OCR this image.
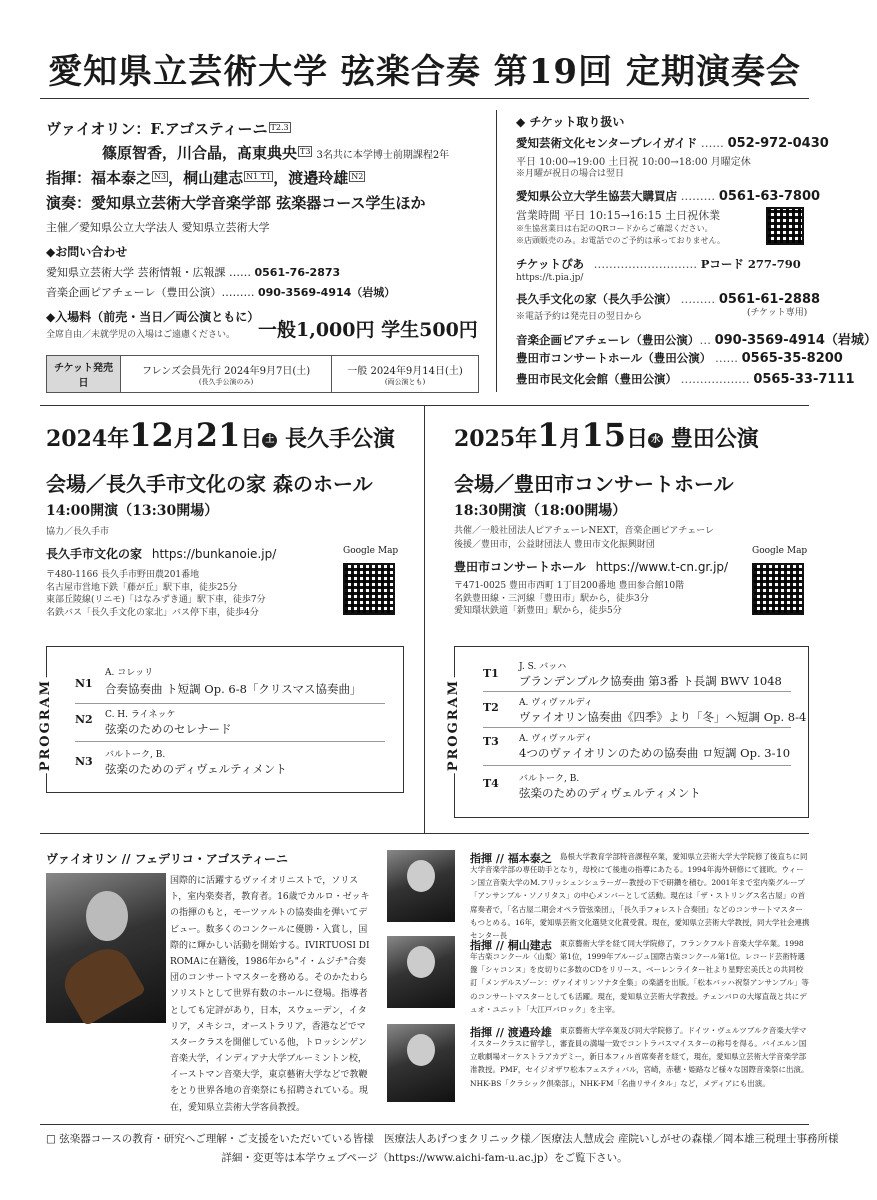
愛知県立芸術大学 弦楽合奏 第19回 定期演奏会
ヴァイオリン：F.アゴスティーニ $^{T2.3}$
篠原智香，川合晶，髙東典央 $^{T3}$ 3名共に本学博士前期課程2年
指揮：福本泰之 $^{N3}$ ，桐山建志 $^{N1 T1}$ ，渡邉玲雄 $^{N2}$
演奏：愛知県立芸術大学音楽学部 弦楽器コース学生ほか
主催／愛知県公立大学法人 愛知県立芸術大学
◆お問い合わせ
愛知県立芸術大学 芸術情報・広報課 …… 0561-76-2873
音楽企画ピアチェーレ（豊田公演）……… 090-3569-4914（岩城）
◆入場料（前売・当日／両公演ともに）
全席自由／未就学児の入場はご遠慮ください。 一般1,000円 学生500円
チケット発売日	フレンズ会員先行 2024年9月7日(土)
(長久手公演のみ)
	一般 2024年9月14日(土)
(両公演とも)
◆ チケット取り扱い
愛知芸術文化センタープレイガイド …… 052-972-0430
平日 10:00→19:00 土日祝 10:00→18:00 月曜定休
※月曜が祝日の場合は翌日
愛知県公立大学生協芸大購買店 ……… 0561-63-7800
営業時間 平日 10:15→16:15 土日祝休業
※生協営業日は右記のQRコードからご確認ください。
※店頭販売のみ。お電話でのご予約は承っておりません。
チケットぴあ ……………………… Pコード 277-790
https://t.pia.jp/
長久手文化の家（長久手公演） ……… 0561-61-2888
※電話予約は発売日の翌日から	(チケット専用)
音楽企画ピアチェーレ（豊田公演）… 090-3569-4914（岩城）
豊田市コンサートホール（豊田公演） …… 0565-35-8200
豊田市民文化会館（豊田公演） ……………… 0565-33-7111
2024年12月21日 土 長久手公演
会場／長久手市文化の家 森のホール
14:00開演（13:30開場）
協力／長久手市
長久手市文化の家 https://bunkanoie.jp/	Google Map
〒480-1166 長久手市野田農201番地
名古屋市営地下鉄「藤が丘」駅下車，徒歩25分
東部丘陵線(リニモ)「はなみずき通」駅下車，徒歩7分
名鉄バス「長久手文化の家北」バス停下車，徒歩4分
2025年1月15日 水 豊田公演
会場／豊田市コンサートホール
18:30開演（18:00開場）
共催／一般社団法人ピアチェーレNEXT，音楽企画ピアチェーレ
後援／豊田市，公益財団法人 豊田市文化振興財団
豊田市コンサートホール https://www.t-cn.gr.jp/
Google Map
〒471-0025 豊田市西町 1丁目200番地 豊田参合館10階
名鉄豊田線・三河線「豊田市」駅から，徒歩3分
愛知環状鉄道「新豊田」駅から，徒歩5分
PROGRAM N1
A. コレッリ
合奏協奏曲 ト短調 Op. 6-8「クリスマス協奏曲」
N2 C. H. ライネッケ
弦楽のためのセレナード
N3 バルトーク, B.
弦楽のためのディヴェルティメント	PROGRAM
T1 J. S. バッハ
ブランデンブルク協奏曲 第3番 ト長調 BWV 1048
T2 A. ヴィヴァルディ
ヴァイオリン協奏曲《四季》より「冬」ヘ短調 Op. 8-4
T3 A. ヴィヴァルディ
4つのヴァイオリンのための協奏曲 ロ短調 Op. 3-10
T4 バルトーク, B.
弦楽のためのディヴェルティメント
ヴァイオリン // フェデリコ・アゴスティーニ
国際的に活躍するヴァイオリニストで，ソリスト，室内楽奏者，教育者。16歳でカルロ・ゼッキの指揮のもと，モーツァルトの協奏曲を弾いてデビュー。数多くのコンクールに優勝・入賞し，国際的に輝かしい活動を開始する。IVIRTUOSI DI ROMAに在籍後，1986年から"イ・ムジチ"合奏団のコンサートマスターを務める。そのかたわらソリストとして世界有数のホールに登場。指導者としても定評があり，日本，スウェーデン，イタリア，メキシコ，オーストラリア，香港などでマスタークラスを開催している他，トロッシンゲン音楽大学，インディアナ大学ブルーミントン校，イーストマン音楽大学，東京藝術大学などで教鞭をとり世界各地の音楽祭にも招聘されている。現在，愛知県立芸術大学客員教授。
指揮 // 福本泰之	島根大学教育学部特音課程卒業，愛知県立芸術大学大学院修了後直ちに同大学音楽学部の専任助手となり，母校にて後進の指導にあたる。1994年海外研修にて渡欧。ウィーン国立音楽大学のM.フリッシェンシュラーガー教授の下で研鑽を積む。2001年まで室内楽グループ「アンサンブル・ソノリタス」の中心メンバーとして活動。現在は「ザ・ストリングス名古屋」の首席奏者で，「名古屋二期会オペラ管弦楽団」，「長久手フォレスト合奏団」などのコンサートマスターもつとめる。16年，愛知県芸術文化選奨文化賞受賞。現在，愛知県立芸術大学教授，同大学社会連携センター長
指揮 // 桐山建志	東京藝術大学を経て同大学院修了，フランクフルト音楽大学卒業。1998年古楽コンクール〈山梨〉第1位，1999年ブルージュ国際古楽コンクール第1位。レコード芸術特選盤「シャコンヌ」を皮切りに多数のCDをリリース。ベーレンライター社より星野宏美氏との共同校訂「メンデルスゾーン：ヴァイオリンソナタ全集」の楽譜を出版。「松本バッハ祝祭アンサンブル」等のコンサートマスターとしても活躍。現在，愛知県立芸術大学教授。チェンバロの大塚直哉と共にデュオ・ユニット「大江戸バロック」を主宰。
指揮 // 渡邉玲雄	東京藝術大学卒業及び同大学院修了。ドイツ・ヴュルツブルク音楽大学マイスタークラスに留学し，審査員の満場一致でコントラバスマイスターの称号を得る。バイエルン国立歌劇場オーケストラアカデミー，新日本フィル首席奏者を経て，現在，愛知県立芸術大学音楽学部准教授。PMF，セイジオザワ松本フェスティバル，宮崎，赤穂・姫路など様々な国際音楽祭に出演。NHK-BS「クラシック倶楽部」，NHK-FM「名曲リサイタル」など，メディアにも出演。
□ 弦楽器コースの教育・研究へご理解・ご支援をいただいている皆様　医療法人あげつまクリニック様／医療法人慧成会 産院いしがせの森様／岡本雄三税理士事務所様
詳細・変更等は本学ウェブページ（https://www.aichi-fam-u.ac.jp）をご覧下さい。
